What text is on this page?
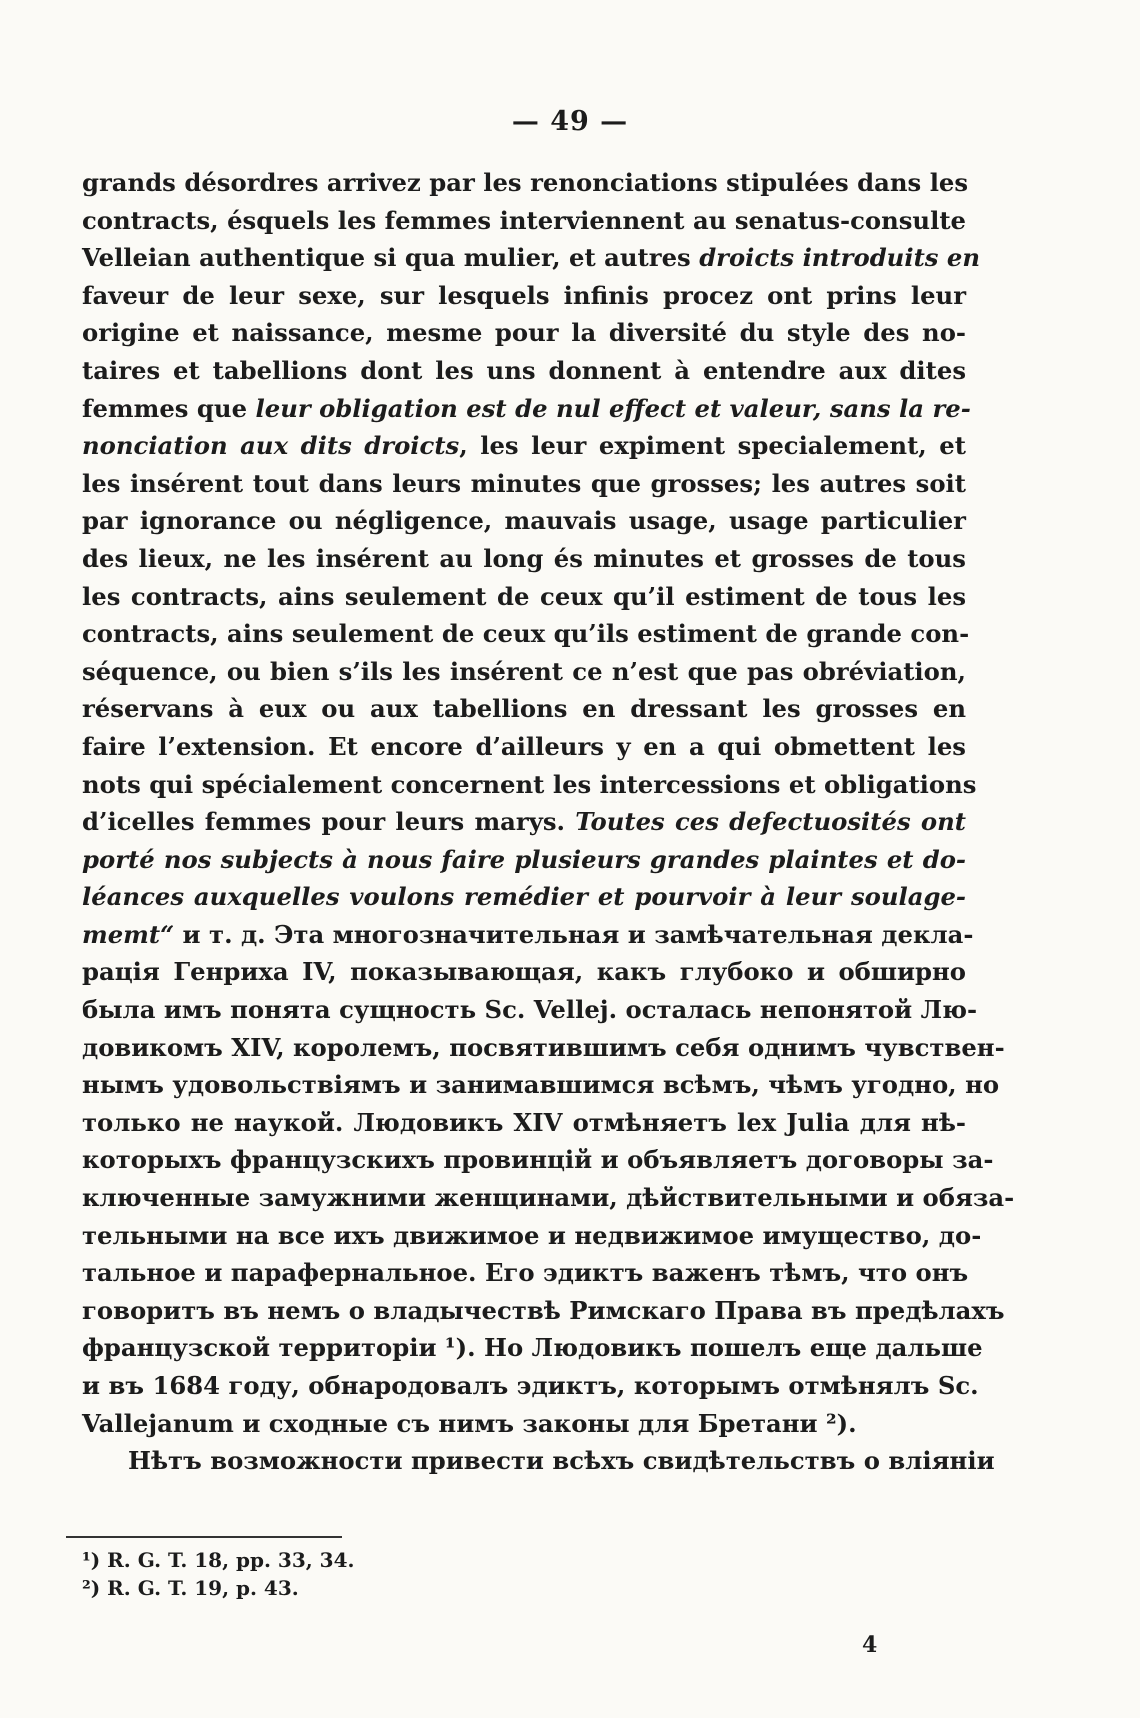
— 49 —
grands désordres arrivez par les renonciations stipulées dans les
contracts, ésquels les femmes interviennent au senatus-consulte
Velleian authentique si qua mulier, et autres droicts introduits en
faveur de leur sexe, sur lesquels infinis procez ont prins leur
origine et naissance, mesme pour la diversité du style des no-
taires et tabellions dont les uns donnent à entendre aux dites
femmes que leur obligation est de nul effect et valeur, sans la re-
nonciation aux dits droicts, les leur expiment specialement, et
les insérent tout dans leurs minutes que grosses; les autres soit
par ignorance ou négligence, mauvais usage, usage particulier
des lieux, ne les insérent au long és minutes et grosses de tous
les contracts, ains seulement de ceux qu’il estiment de tous les
contracts, ains seulement de ceux qu’ils estiment de grande con-
séquence, ou bien s’ils les insérent ce n’est que pas obréviation,
réservans à eux ou aux tabellions en dressant les grosses en
faire l’extension. Et encore d’ailleurs y en a qui obmettent les
nots qui spécialement concernent les intercessions et obligations
d’icelles femmes pour leurs marys. Toutes ces defectuosités ont
porté nos subjects à nous faire plusieurs grandes plaintes et do-
léances auxquelles voulons remédier et pourvoir à leur soulage-
memt“ и т. д. Эта многозначительная и замѣчательная декла-
рація Генриха IV, показывающая, какъ глубоко и обширно
была имъ понята сущность Sc. Vellej. осталась непонятой Лю-
довикомъ XIV, королемъ, посвятившимъ себя однимъ чувствен-
нымъ удовольствіямъ и занимавшимся всѣмъ, чѣмъ угодно, но
только не наукой. Людовикъ XIV отмѣняетъ lex Julia для нѣ-
которыхъ французскихъ провинцій и объявляетъ договоры за-
ключенные замужними женщинами, дѣйствительными и обяза-
тельными на все ихъ движимое и недвижимое имущество, до-
тальное и парафернальное. Его эдиктъ важенъ тѣмъ, что онъ
говоритъ въ немъ о владычествѣ Римскаго Права въ предѣлахъ
французской территоріи ¹). Но Людовикъ пошелъ еще дальше
и въ 1684 году, обнародовалъ эдиктъ, которымъ отмѣнялъ Sc.
Vallejanum и сходные съ нимъ законы для Бретани ²).
Нѣтъ возможности привести всѣхъ свидѣтельствъ о вліяніи
¹) R. G. T. 18, pp. 33, 34.
²) R. G. T. 19, p. 43.
4
